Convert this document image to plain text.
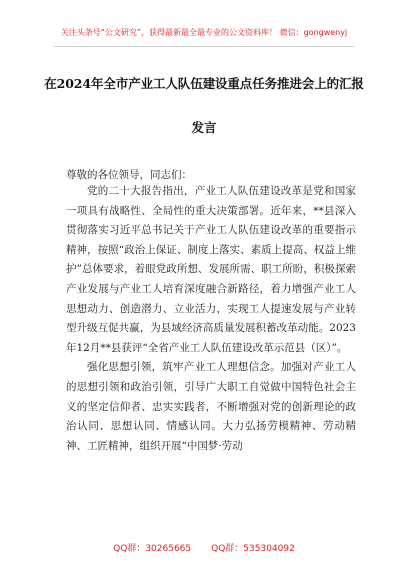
关注头条号“公文研究”，获得最新最全最专业的公文资料库！ 微信：gongwenyj
在2024年全市产业工人队伍建设重点任务推进会上的汇报
发言
尊敬的各位领导，同志们：

党的二十大报告指出，产业工人队伍建设改革是党和国家一项具有战略性、全局性的重大决策部署。近年来，**县深入贯彻落实习近平总书记关于产业工人队伍建设改革的重要指示精神，按照“政治上保证、制度上落实、素质上提高、权益上维护”总体要求，着眼党政所想、发展所需、职工所盼，积极探索产业发展与产业工人培育深度融合新路径，着力增强产业工人思想动力、创造潜力、立业活力，实现工人提速发展与产业转型升级互促共赢，为县域经济高质量发展积蓄改革动能。2023年12月**县获评“全省产业工人队伍建设改革示范县（区）”。

强化思想引领，筑牢产业工人理想信念。加强对产业工人的思想引领和政治引领，引导广大职工自觉做中国特色社会主义的坚定信仰者、忠实实践者，不断增强对党的创新理论的政治认同、思想认同、情感认同。大力弘扬劳模精神、劳动精神、工匠精神，组织开展“中国梦·劳动

QQ群：30265665 QQ群：535304092
